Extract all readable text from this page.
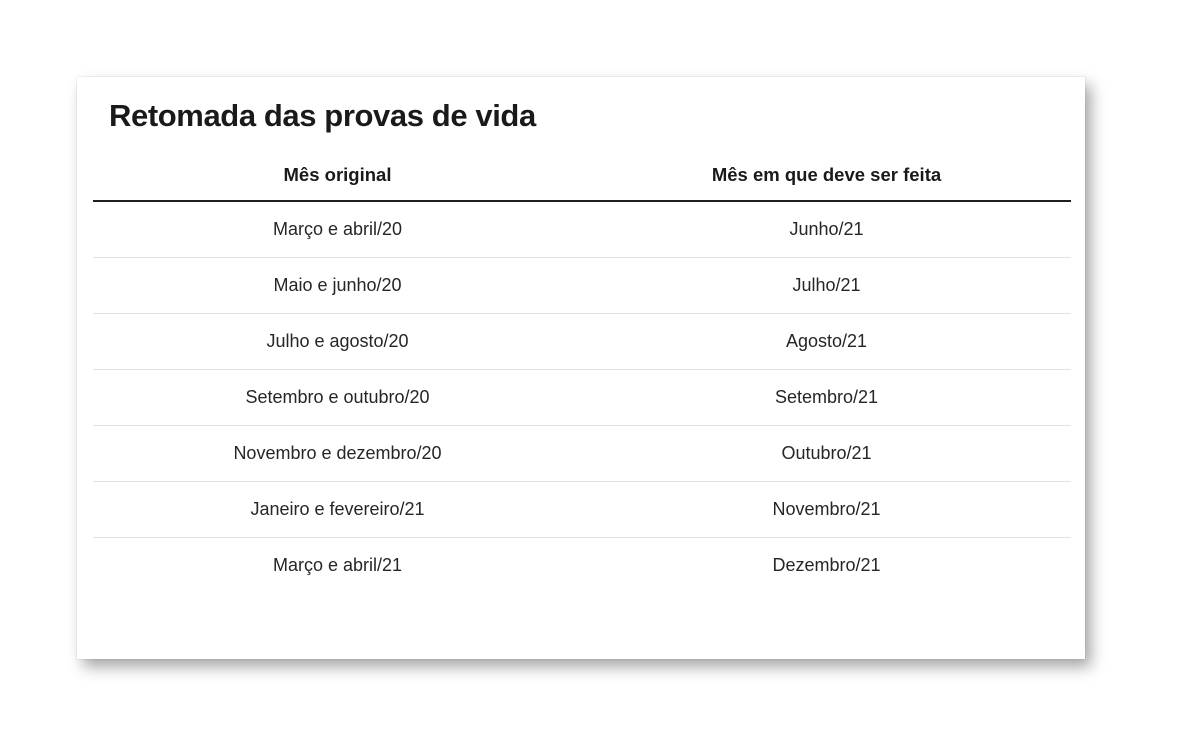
Retomada das provas de vida
Mês original	Mês em que deve ser feita
Março e abril/20	Junho/21
Maio e junho/20	Julho/21
Julho e agosto/20	Agosto/21
Setembro e outubro/20	Setembro/21
Novembro e dezembro/20	Outubro/21
Janeiro e fevereiro/21	Novembro/21
Março e abril/21	Dezembro/21
